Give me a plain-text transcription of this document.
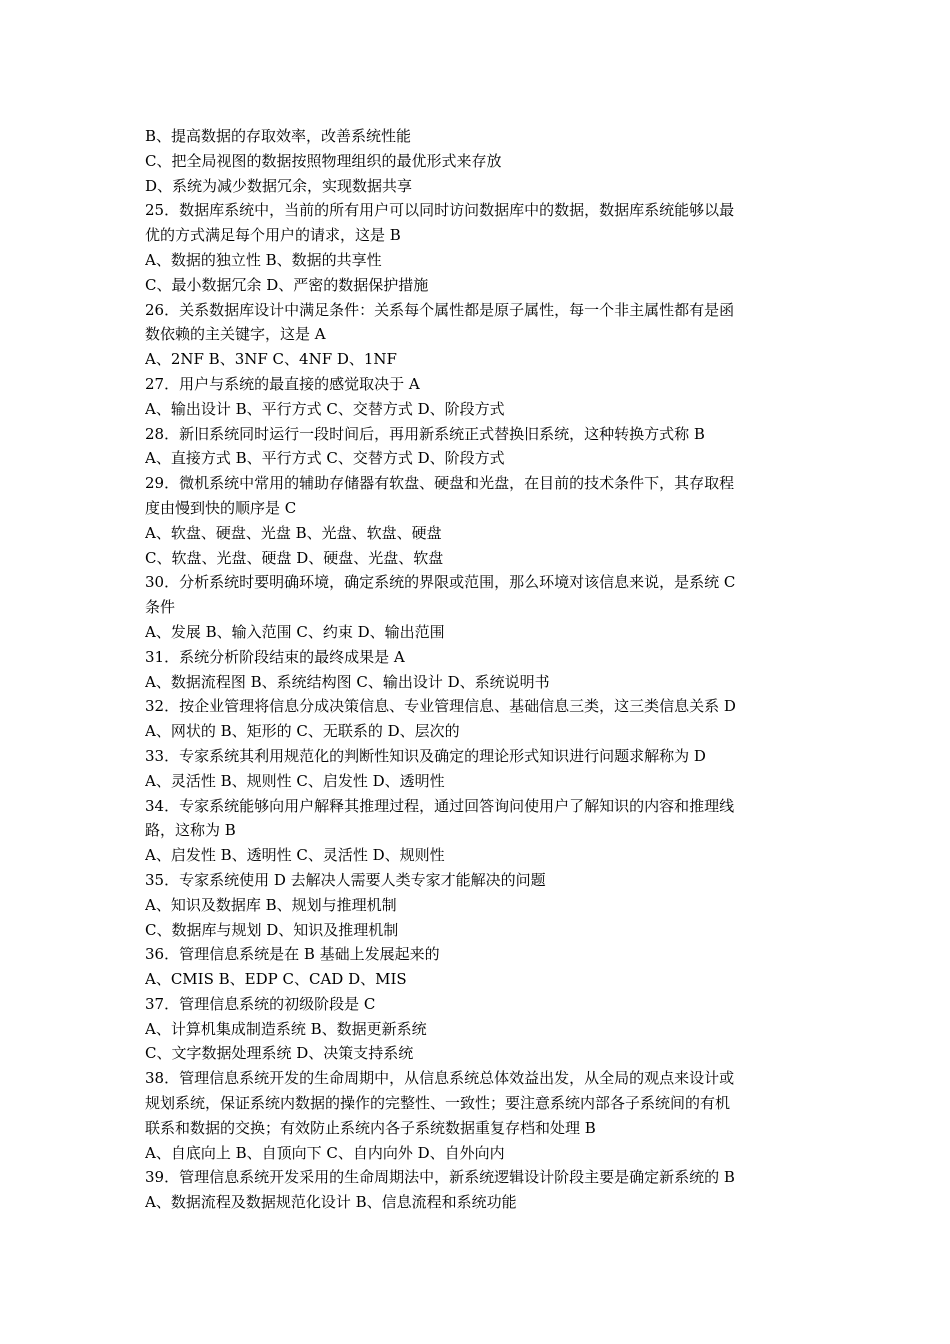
B、提高数据的存取效率，改善系统性能
C、把全局视图的数据按照物理组织的最优形式来存放
D、系统为减少数据冗余，实现数据共享
25．数据库系统中，当前的所有用户可以同时访问数据库中的数据，数据库系统能够以最
优的方式满足每个用户的请求，这是 B
A、数据的独立性 B、数据的共享性
C、最小数据冗余 D、严密的数据保护措施
26．关系数据库设计中满足条件：关系每个属性都是原子属性，每一个非主属性都有是函
数依赖的主关键字，这是 A
A、2NF B、3NF C、4NF D、1NF
27．用户与系统的最直接的感觉取决于 A
A、输出设计 B、平行方式 C、交替方式 D、阶段方式
28．新旧系统同时运行一段时间后，再用新系统正式替换旧系统，这种转换方式称 B
A、直接方式 B、平行方式 C、交替方式 D、阶段方式
29．微机系统中常用的辅助存储器有软盘、硬盘和光盘，在目前的技术条件下，其存取程
度由慢到快的顺序是 C
A、软盘、硬盘、光盘 B、光盘、软盘、硬盘
C、软盘、光盘、硬盘 D、硬盘、光盘、软盘
30．分析系统时要明确环境，确定系统的界限或范围，那么环境对该信息来说，是系统 C
条件
A、发展 B、输入范围 C、约束 D、输出范围
31．系统分析阶段结束的最终成果是 A
A、数据流程图 B、系统结构图 C、输出设计 D、系统说明书
32．按企业管理将信息分成决策信息、专业管理信息、基础信息三类，这三类信息关系 D
A、网状的 B、矩形的 C、无联系的 D、层次的
33．专家系统其利用规范化的判断性知识及确定的理论形式知识进行问题求解称为 D
A、灵活性 B、规则性 C、启发性 D、透明性
34．专家系统能够向用户解释其推理过程，通过回答询问使用户了解知识的内容和推理线
路，这称为 B
A、启发性 B、透明性 C、灵活性 D、规则性
35．专家系统使用 D 去解决人需要人类专家才能解决的问题
A、知识及数据库 B、规划与推理机制
C、数据库与规划 D、知识及推理机制
36．管理信息系统是在 B 基础上发展起来的
A、CMIS B、EDP C、CAD D、MIS
37．管理信息系统的初级阶段是 C
A、计算机集成制造系统 B、数据更新系统
C、文字数据处理系统 D、决策支持系统
38．管理信息系统开发的生命周期中，从信息系统总体效益出发，从全局的观点来设计或
规划系统，保证系统内数据的操作的完整性、一致性；要注意系统内部各子系统间的有机
联系和数据的交换；有效防止系统内各子系统数据重复存档和处理 B
A、自底向上 B、自顶向下 C、自内向外 D、自外向内
39．管理信息系统开发采用的生命周期法中，新系统逻辑设计阶段主要是确定新系统的 B
A、数据流程及数据规范化设计 B、信息流程和系统功能
